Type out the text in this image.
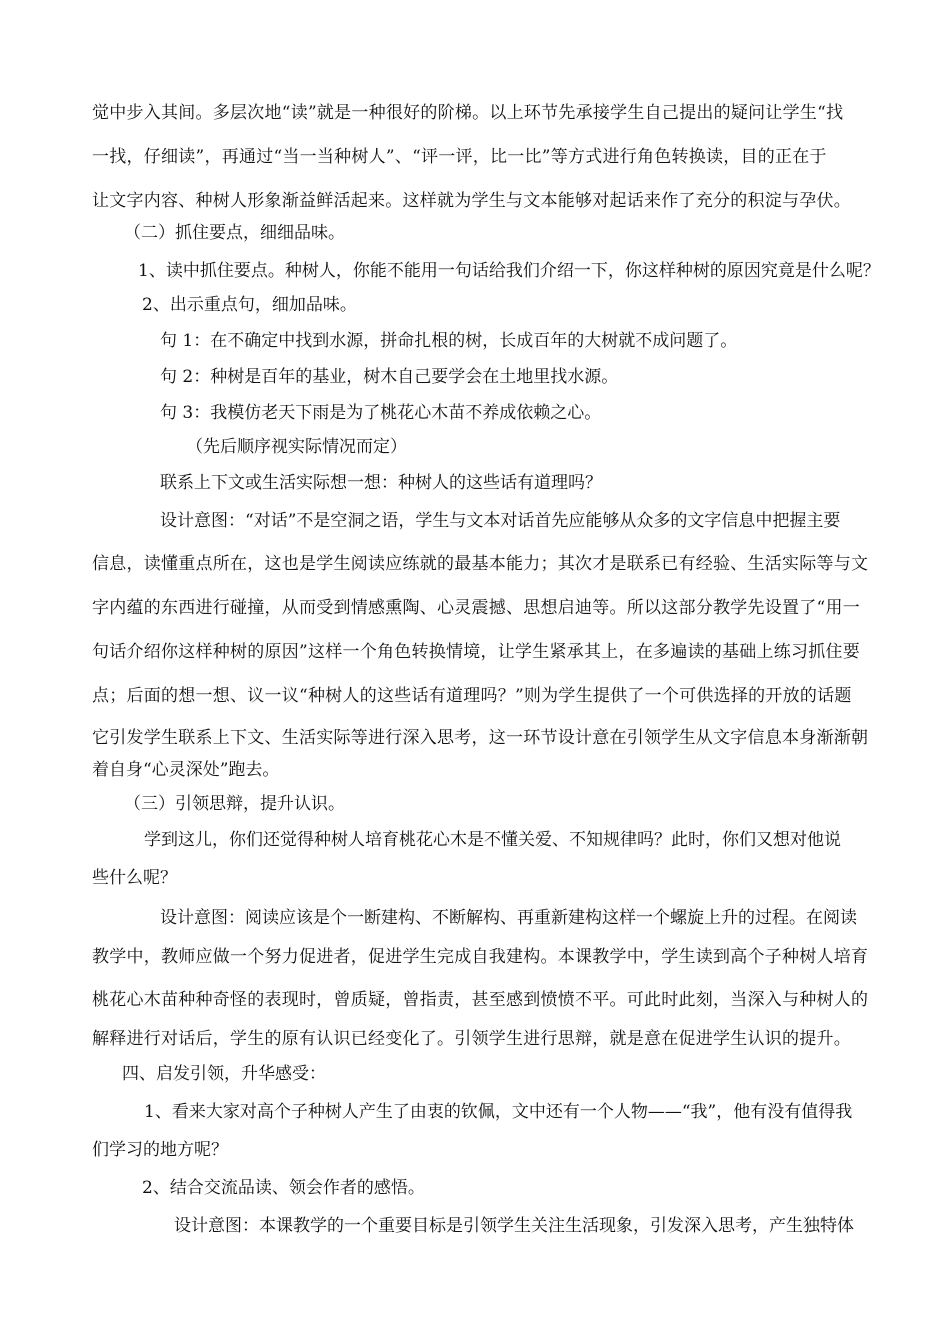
觉中步入其间。多层次地“读”就是一种很好的阶梯。以上环节先承接学生自己提出的疑问让学生“找
一找，仔细读”，再通过“当一当种树人”、“评一评，比一比”等方式进行角色转换读，目的正在于
让文字内容、种树人形象渐益鲜活起来。这样就为学生与文本能够对起话来作了充分的积淀与孕伏。
（二）抓住要点，细细品味。
1、读中抓住要点。种树人，你能不能用一句话给我们介绍一下，你这样种树的原因究竟是什么呢？
2、出示重点句，细加品味。
句 1：在不确定中找到水源，拼命扎根的树，长成百年的大树就不成问题了。
句 2：种树是百年的基业，树木自己要学会在土地里找水源。
句 3：我模仿老天下雨是为了桃花心木苗不养成依赖之心。
（先后顺序视实际情况而定）
联系上下文或生活实际想一想：种树人的这些话有道理吗？
设计意图：“对话”不是空洞之语，学生与文本对话首先应能够从众多的文字信息中把握主要
信息，读懂重点所在，这也是学生阅读应练就的最基本能力；其次才是联系已有经验、生活实际等与文
字内蕴的东西进行碰撞，从而受到情感熏陶、心灵震撼、思想启迪等。所以这部分教学先设置了“用一
句话介绍你这样种树的原因”这样一个角色转换情境，让学生紧承其上，在多遍读的基础上练习抓住要
点；后面的想一想、议一议“种树人的这些话有道理吗？”则为学生提供了一个可供选择的开放的话题
它引发学生联系上下文、生活实际等进行深入思考，这一环节设计意在引领学生从文字信息本身渐渐朝
着自身“心灵深处”跑去。
（三）引领思辩，提升认识。
学到这儿，你们还觉得种树人培育桃花心木是不懂关爱、不知规律吗？此时，你们又想对他说
些什么呢？
设计意图：阅读应该是个一断建构、不断解构、再重新建构这样一个螺旋上升的过程。在阅读
教学中，教师应做一个努力促进者，促进学生完成自我建构。本课教学中，学生读到高个子种树人培育
桃花心木苗种种奇怪的表现时，曾质疑，曾指责，甚至感到愤愤不平。可此时此刻，当深入与种树人的
解释进行对话后，学生的原有认识已经变化了。引领学生进行思辩，就是意在促进学生认识的提升。
四、启发引领，升华感受：
1、看来大家对高个子种树人产生了由衷的钦佩，文中还有一个人物——“我”，他有没有值得我
们学习的地方呢？
2、结合交流品读、领会作者的感悟。
设计意图：本课教学的一个重要目标是引领学生关注生活现象，引发深入思考，产生独特体
